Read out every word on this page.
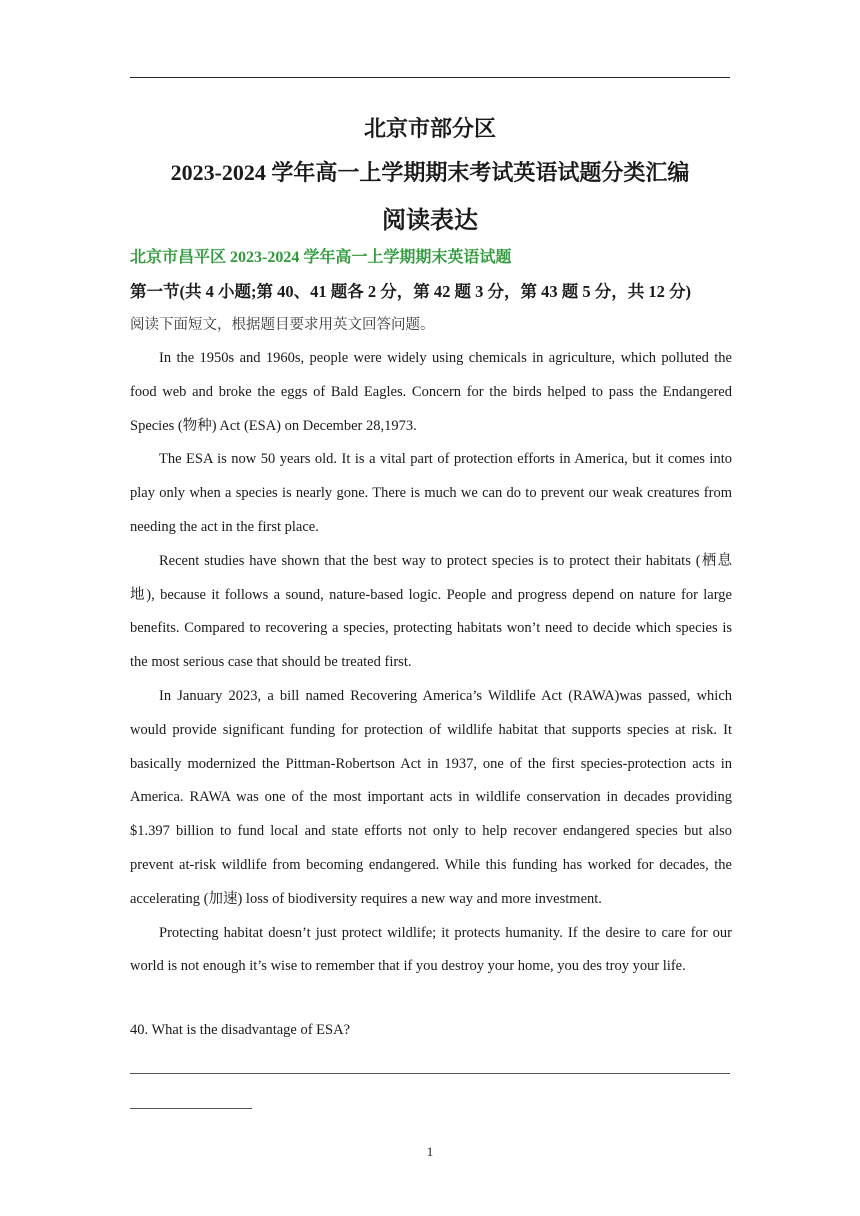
北京市部分区
2023-2024 学年高一上学期期末考试英语试题分类汇编
阅读表达
北京市昌平区 2023-2024 学年高一上学期期末英语试题
第一节(共 4 小题;第 40、41 题各 2 分，第 42 题 3 分，第 43 题 5 分，共 12 分)
阅读下面短文，根据题目要求用英文回答问题。

In the 1950s and 1960s, people were widely using chemicals in agriculture, which polluted the food web and broke the eggs of Bald Eagles. Concern for the birds helped to pass the Endangered Species (物种) Act (ESA) on December 28,1973.

The ESA is now 50 years old. It is a vital part of protection efforts in America, but it comes into play only when a species is nearly gone. There is much we can do to prevent our weak creatures from needing the act in the first place.

Recent studies have shown that the best way to protect species is to protect their habitats (栖息地), because it follows a sound, nature-based logic. People and progress depend on nature for large benefits. Compared to recovering a species, protecting habitats won’t need to decide which species is the most serious case that should be treated first.

In January 2023, a bill named Recovering America’s Wildlife Act (RAWA)was passed, which would provide significant funding for protection of wildlife habitat that supports species at risk. It basically modernized the Pittman-Robertson Act in 1937, one of the first species-protection acts in America. RAWA was one of the most important acts in wildlife conservation in decades providing $1.397 billion to fund local and state efforts not only to help recover endangered species but also prevent at-risk wildlife from becoming endangered. While this funding has worked for decades, the accelerating (加速) loss of biodiversity requires a new way and more investment.

Protecting habitat doesn’t just protect wildlife; it protects humanity. If the desire to care for our world is not enough it’s wise to remember that if you destroy your home, you des troy your life.

40. What is the disadvantage of ESA?
1
